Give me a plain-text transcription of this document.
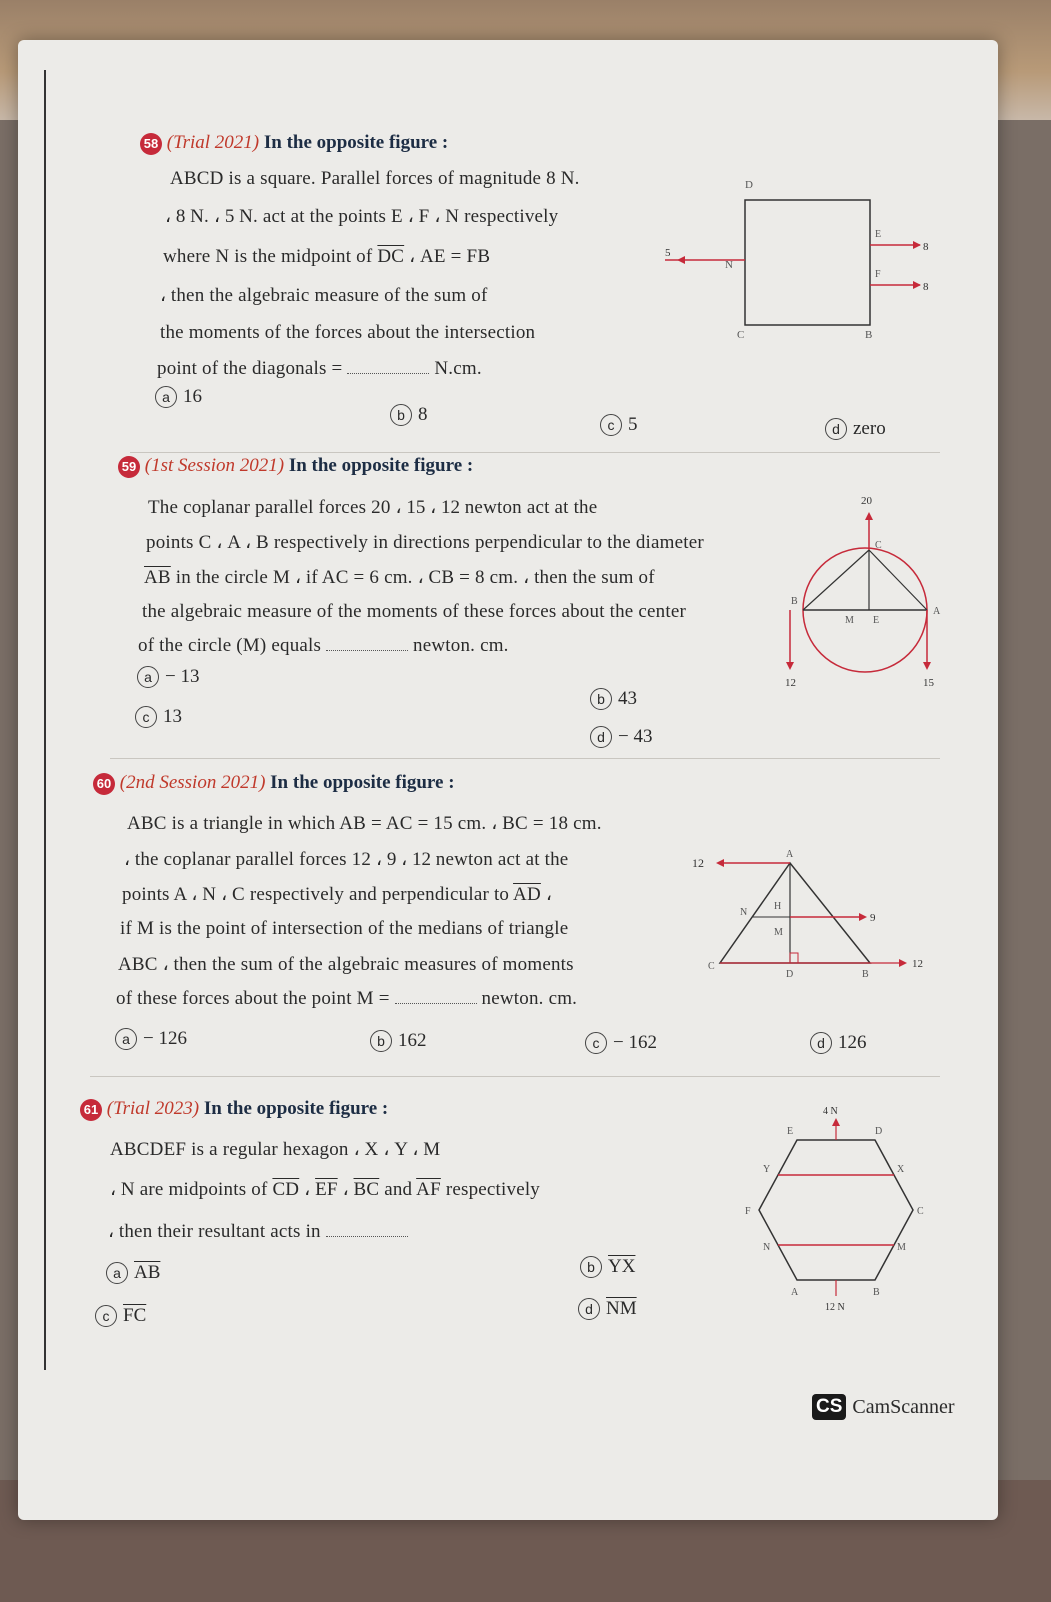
58 (Trial 2021) In the opposite figure :
ABCD is a square. Parallel forces of magnitude 8 N.
، 8 N. ، 5 N. act at the points E ، F ، N respectively
where N is the midpoint of $\overline{DC}$ ، AE = FB
، then the algebraic measure of the sum of
the moments of the forces about the intersection
point of the diagonals =	N.cm.
a 16
b 8	c 5	d zero
D
C	B
N
E
F
5	8
8
59 (1st Session 2021) In the opposite figure :
The coplanar parallel forces 20 ، 15 ، 12 newton act at the
points C ، A ، B respectively in directions perpendicular to the diameter
$\overline{AB}$ in the circle M ، if AC = 6 cm. ، CB = 8 cm. ، then the sum of
the algebraic measure of the moments of these forces about the center
of the circle (M) equals	newton. cm.
a − 13
b 43
c 13
d − 43
20
12	15
C
B
A
M E
60 (2nd Session 2021) In the opposite figure :
ABC is a triangle in which AB = AC = 15 cm. ، BC = 18 cm.
، the coplanar parallel forces 12 ، 9 ، 12 newton act at the
points A ، N ، C respectively and perpendicular to $\overline{AD}$ ،
if M is the point of intersection of the medians of triangle
ABC ، then the sum of the algebraic measures of moments
of these forces about the point M =	newton. cm.
a − 126	b 162	c − 162	d 126
12
9
12
A
N
H
M
C
D	B
61 (Trial 2023) In the opposite figure :
ABCDEF is a regular hexagon ، X ، Y ، M
، N are midpoints of $\overline{CD}$ ، $\overline{EF}$ ، $\overline{BC}$ and $\overline{AF}$ respectively
، then their resultant acts in
a $\overline{AB}$	b $\overline{YX}$
c $\overline{FC}$	d $\overline{NM}$
4 N
12 N
E	D
Y	X
F	C
N	M
A	B
CS CamScanner
